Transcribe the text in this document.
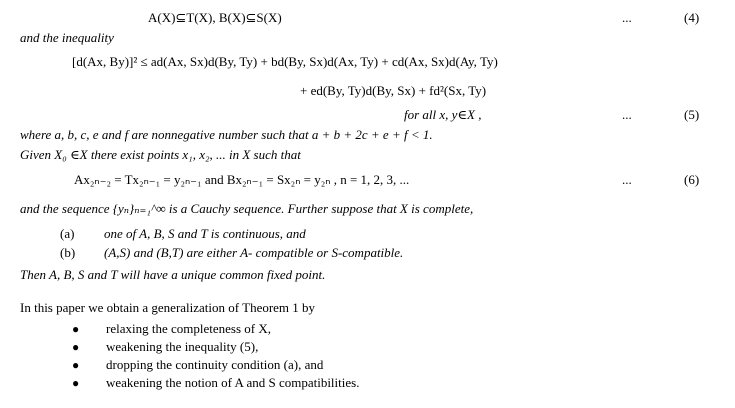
A(X)⊆T(X), B(X)⊆S(X)	...	(4)
and the inequality
[d(Ax, By)]² ≤ ad(Ax, Sx)d(By, Ty) + bd(By, Sx)d(Ax, Ty) + cd(Ax, Sx)d(Ay, Ty)
+ ed(By, Ty)d(By, Sx) + fd²(Sx, Ty)
for all x, y∈X ,	...	(5)
where a, b, c, e and f are nonnegative number such that a + b + 2c + e + f < 1.
Given X₀ ∈X there exist points x₁, x₂, ... in X such that
Ax₂ₙ₋₂ = Tx₂ₙ₋₁ = y₂ₙ₋₁ and Bx₂ₙ₋₁ = Sx₂ₙ = y₂ₙ , n = 1, 2, 3, ...	...	(6)
and the sequence {yₙ}ₙ₌₁^∞ is a Cauchy sequence. Further suppose that X is complete,
(a) one of A, B, S and T is continuous, and
(b) (A,S) and (B,T) are either A- compatible or S-compatible.
Then A, B, S and T will have a unique common fixed point.
In this paper we obtain a generalization of Theorem 1 by
● relaxing the completeness of X,
● weakening the inequality (5),
● dropping the continuity condition (a), and
● weakening the notion of A and S compatibilities.
